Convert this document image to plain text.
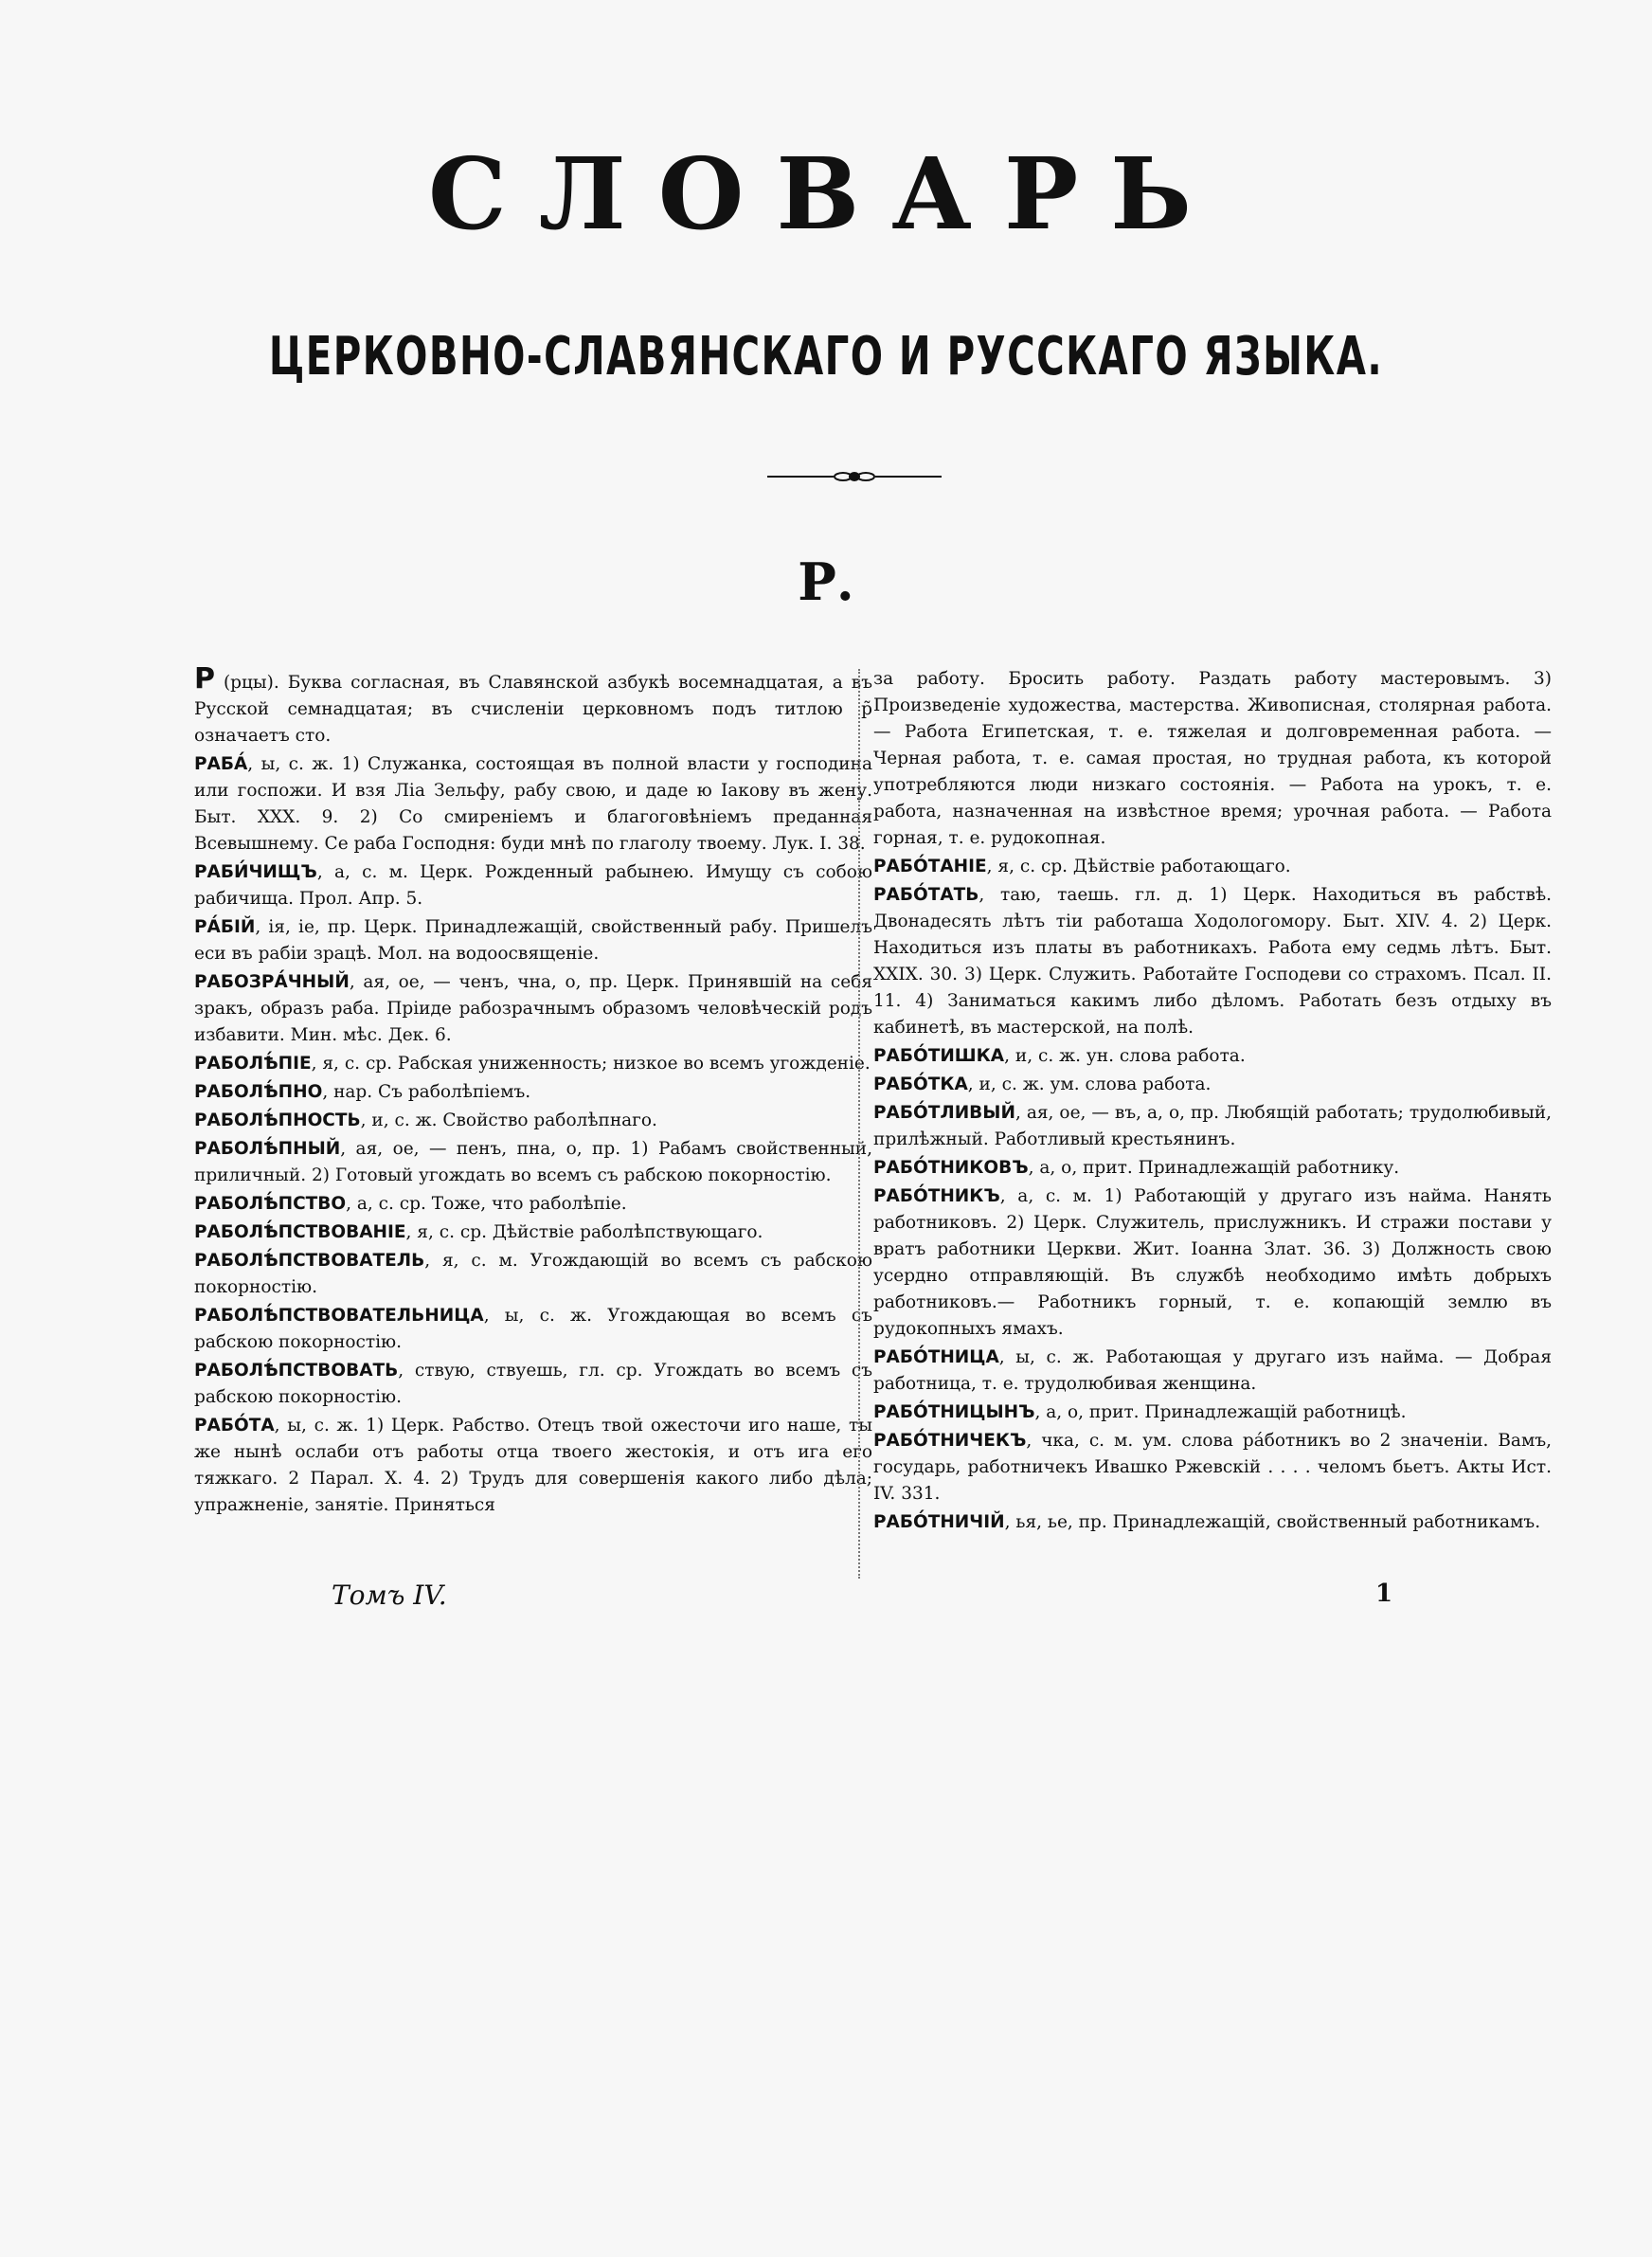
СЛОВАРЬ
ЦЕРКОВНО-СЛАВЯНСКАГО И РУССКАГО ЯЗЫКА.
Р.
Р (рцы). Буква согласная, въ Славянской азбукѣ восемнадцатая, а въ Русской семнадцатая; въ счисленіи церковномъ подъ титлою р̃ означаетъ сто.
РАБА́, ы, с. ж. 1) Служанка, состоящая въ полной власти у господина или госпожи. И взя Ліа Зельфу, рабу свою, и даде ю Іакову въ жену. Быт. XXX. 9. 2) Со смиреніемъ и благоговѣніемъ преданная Всевышнему. Се раба Господня: буди мнѣ по глаголу твоему. Лук. I. 38.
РАБИ́ЧИЩЪ, а, с. м. Церк. Рожденный рабынею. Имущу съ собою рабичища. Прол. Апр. 5.
РА́БІЙ, ія, іе, пр. Церк. Принадлежащій, свойственный рабу. Пришелъ еси въ рабіи зрацѣ. Мол. на водоосвященіе.
РАБОЗРА́ЧНЫЙ, ая, ое, — ченъ, чна, о, пр. Церк. Принявшій на себя зракъ, образъ раба. Пріиде рабозрачнымъ образомъ человѣческій родъ избавити. Мин. мѣс. Дек. 6.
РАБОЛѢ́ПІЕ, я, с. ср. Рабская униженность; низкое во всемъ угожденіе.
РАБОЛѢ́ПНО, нар. Съ раболѣпіемъ.
РАБОЛѢ́ПНОСТЬ, и, с. ж. Свойство раболѣпнаго.
РАБОЛѢ́ПНЫЙ, ая, ое, — пенъ, пна, о, пр. 1) Рабамъ свойственный, приличный. 2) Готовый угождать во всемъ съ рабскою покорностію.
РАБОЛѢ́ПСТВО, а, с. ср. Тоже, что раболѣпіе.
РАБОЛѢ́ПСТВОВАНІЕ, я, с. ср. Дѣйствіе раболѣпствующаго.
РАБОЛѢ́ПСТВОВАТЕЛЬ, я, с. м. Угождающій во всемъ съ рабскою покорностію.
РАБОЛѢ́ПСТВОВАТЕЛЬНИЦА, ы, с. ж. Угождающая во всемъ съ рабскою покорностію.
РАБОЛѢ́ПСТВОВАТЬ, ствую, ствуешь, гл. ср. Угождать во всемъ съ рабскою покорностію.
РАБО́ТА, ы, с. ж. 1) Церк. Рабство. Отецъ твой ожесточи иго наше, ты же нынѣ ослаби отъ работы отца твоего жестокія, и отъ ига его тяжкаго. 2 Парал. X. 4. 2) Трудъ для совершенія какого либо дѣла; упражненіе, занятіе. Приняться
за работу. Бросить работу. Раздать работу мастеровымъ. 3) Произведеніе художества, мастерства. Живописная, столярная работа.— Работа Египетская, т. е. тяжелая и долговременная работа. — Черная работа, т. е. самая простая, но трудная работа, къ которой употребляются люди низкаго состоянія. — Работа на урокъ, т. е. работа, назначенная на извѣстное время; урочная работа. — Работа горная, т. е. рудокопная.
РАБО́ТАНІЕ, я, с. ср. Дѣйствіе работающаго.
РАБО́ТАТЬ, таю, таешь. гл. д. 1) Церк. Находиться въ рабствѣ. Двонадесять лѣтъ тіи работаша Ходологомору. Быт. XIV. 4. 2) Церк. Находиться изъ платы въ работникахъ. Работа ему седмь лѣтъ. Быт. XXIX. 30. 3) Церк. Служить. Работайте Господеви со страхомъ. Псал. II. 11. 4) Заниматься какимъ либо дѣломъ. Работать безъ отдыху въ кабинетѣ, въ мастерской, на полѣ.
РАБО́ТИШКА, и, с. ж. ун. слова работа.
РАБО́ТКА, и, с. ж. ум. слова работа.
РАБО́ТЛИВЫЙ, ая, ое, — въ, а, о, пр. Любящій работать; трудолюбивый, прилѣжный. Работливый крестьянинъ.
РАБО́ТНИКОВЪ, а, о, прит. Принадлежащій работнику.
РАБО́ТНИКЪ, а, с. м. 1) Работающій у другаго изъ найма. Нанять работниковъ. 2) Церк. Служитель, прислужникъ. И стражи постави у вратъ работники Церкви. Жит. Іоанна Злат. 36. 3) Должность свою усердно отправляющій. Въ службѣ необходимо имѣть добрыхъ работниковъ.— Работникъ горный, т. е. копающій землю въ рудокопныхъ ямахъ.
РАБО́ТНИЦА, ы, с. ж. Работающая у другаго изъ найма. — Добрая работница, т. е. трудолюбивая женщина.
РАБО́ТНИЦЫНЪ, а, о, прит. Принадлежащій работницѣ.
РАБО́ТНИЧЕКЪ, чка, с. м. ум. слова ра́ботникъ во 2 значеніи. Вамъ, государь, работничекъ Ивашко Ржевскій . . . . челомъ бьетъ. Акты Ист. IV. 331.
РАБО́ТНИЧІЙ, ья, ье, пр. Принадлежащій, свойственный работникамъ.
Томъ IV.	1
